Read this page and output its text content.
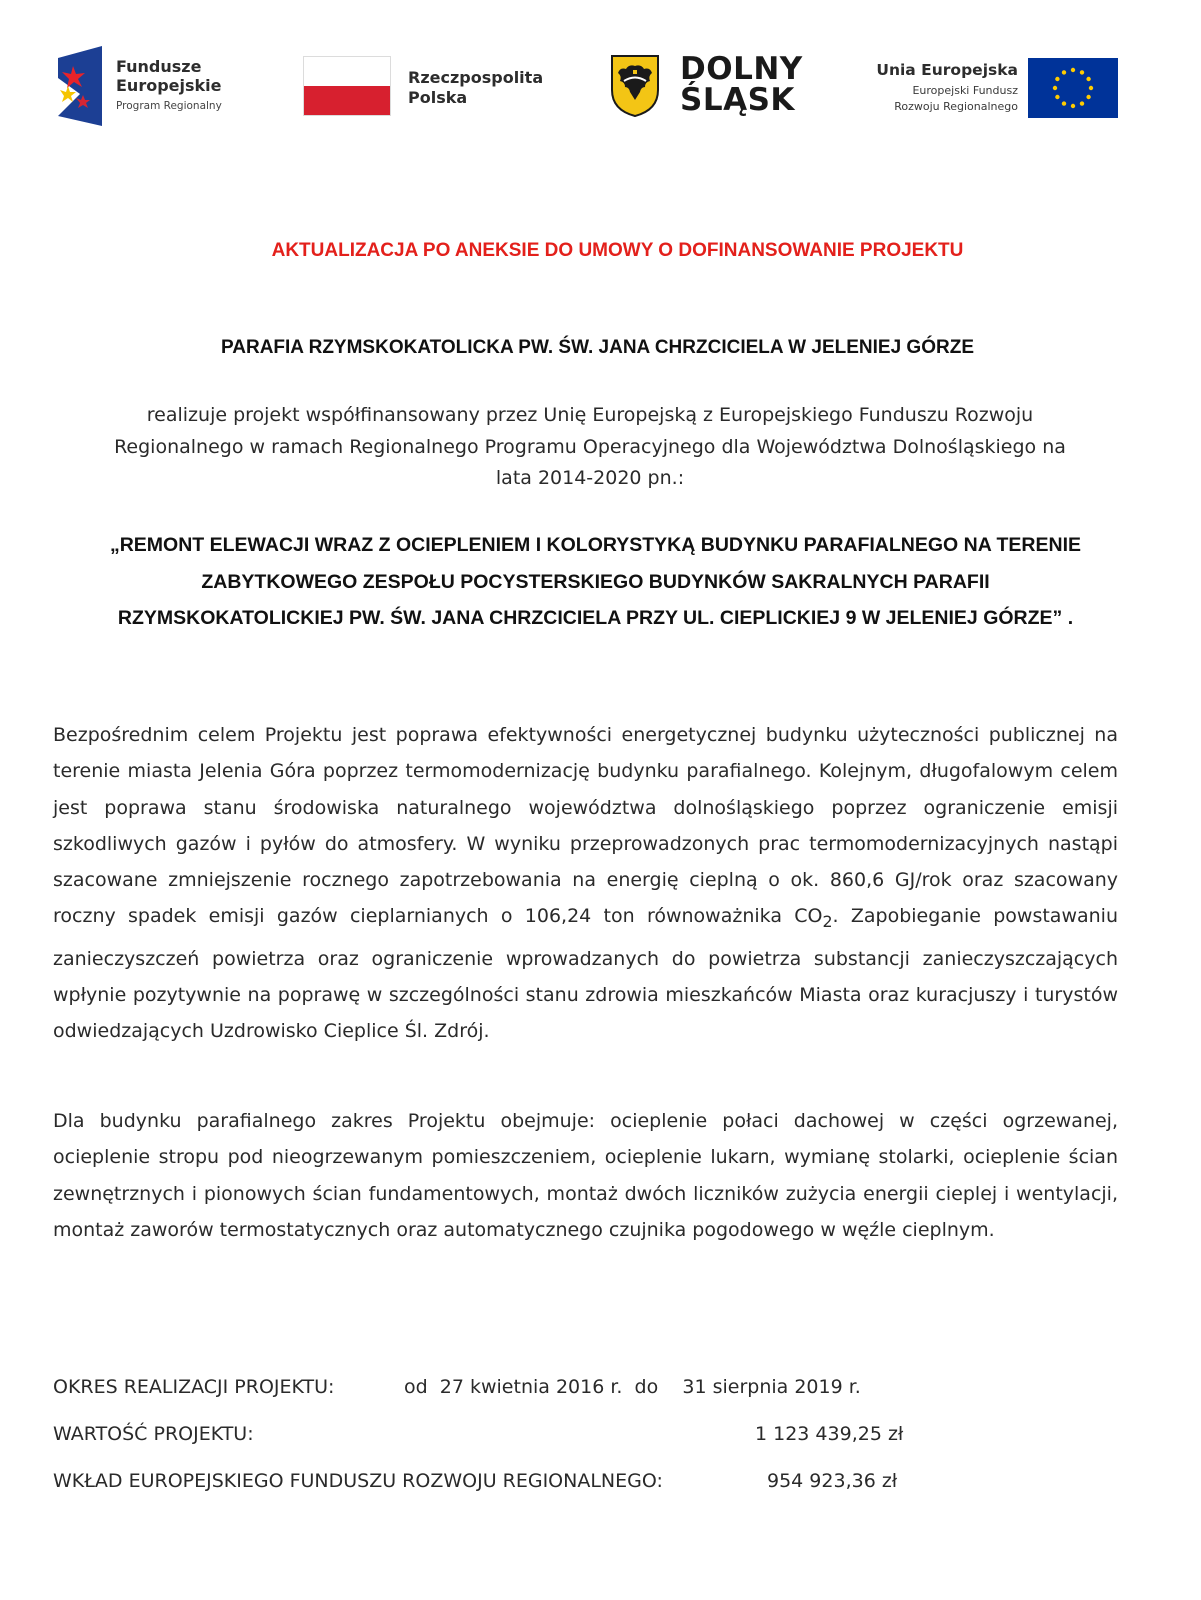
Fundusze
Europejskie
Program Regionalny
Rzeczpospolita
Polska
DOLNY
ŚLĄSK
Unia Europejska
Europejski Fundusz
Rozwoju Regionalnego
AKTUALIZACJA PO ANEKSIE DO UMOWY O DOFINANSOWANIE PROJEKTU
PARAFIA RZYMSKOKATOLICKA PW. ŚW. JANA CHRZCICIELA W JELENIEJ GÓRZE

realizuje projekt współfinansowany przez Unię Europejską z Europejskiego Funduszu Rozwoju
Regionalnego w ramach Regionalnego Programu Operacyjnego dla Województwa Dolnośląskiego na
lata 2014-2020 pn.:

„REMONT ELEWACJI WRAZ Z OCIEPLENIEM I KOLORYSTYKĄ BUDYNKU PARAFIALNEGO NA TERENIE
ZABYTKOWEGO ZESPOŁU POCYSTERSKIEGO BUDYNKÓW SAKRALNYCH PARAFII
RZYMSKOKATOLICKIEJ PW. ŚW. JANA CHRZCICIELA PRZY UL. CIEPLICKIEJ 9 W JELENIEJ GÓRZE” .

Bezpośrednim celem Projektu jest poprawa efektywności energetycznej budynku użyteczności publicznej na terenie miasta Jelenia Góra poprzez termomodernizację budynku parafialnego. Kolejnym, długofalowym celem jest poprawa stanu środowiska naturalnego województwa dolnośląskiego poprzez ograniczenie emisji szkodliwych gazów i pyłów do atmosfery. W wyniku przeprowadzonych prac termomodernizacyjnych nastąpi szacowane zmniejszenie rocznego zapotrzebowania na energię cieplną o ok. 860,6 GJ/rok oraz szacowany roczny spadek emisji gazów cieplarnianych o 106,24 ton równoważnika $CO_2$. Zapobieganie powstawaniu zanieczyszczeń powietrza oraz ograniczenie wprowadzanych do powietrza substancji zanieczyszczających wpłynie pozytywnie na poprawę w szczególności stanu zdrowia mieszkańców Miasta oraz kuracjuszy i turystów odwiedzających Uzdrowisko Cieplice Śl. Zdrój.

Dla budynku parafialnego zakres Projektu obejmuje: ocieplenie połaci dachowej w części ogrzewanej, ocieplenie stropu pod nieogrzewanym pomieszczeniem, ocieplenie lukarn, wymianę stolarki, ocieplenie ścian zewnętrznych i pionowych ścian fundamentowych, montaż dwóch liczników zużycia energii cieplej i wentylacji, montaż zaworów termostatycznych oraz automatycznego czujnika pogodowego w węźle cieplnym.

OKRES REALIZACJI PROJEKTU:	od  27 kwietnia 2016 r.  do    31 sierpnia 2019 r.
WARTOŚĆ PROJEKTU:	1 123 439,25 zł
WKŁAD EUROPEJSKIEGO FUNDUSZU ROZWOJU REGIONALNEGO:	954 923,36 zł
